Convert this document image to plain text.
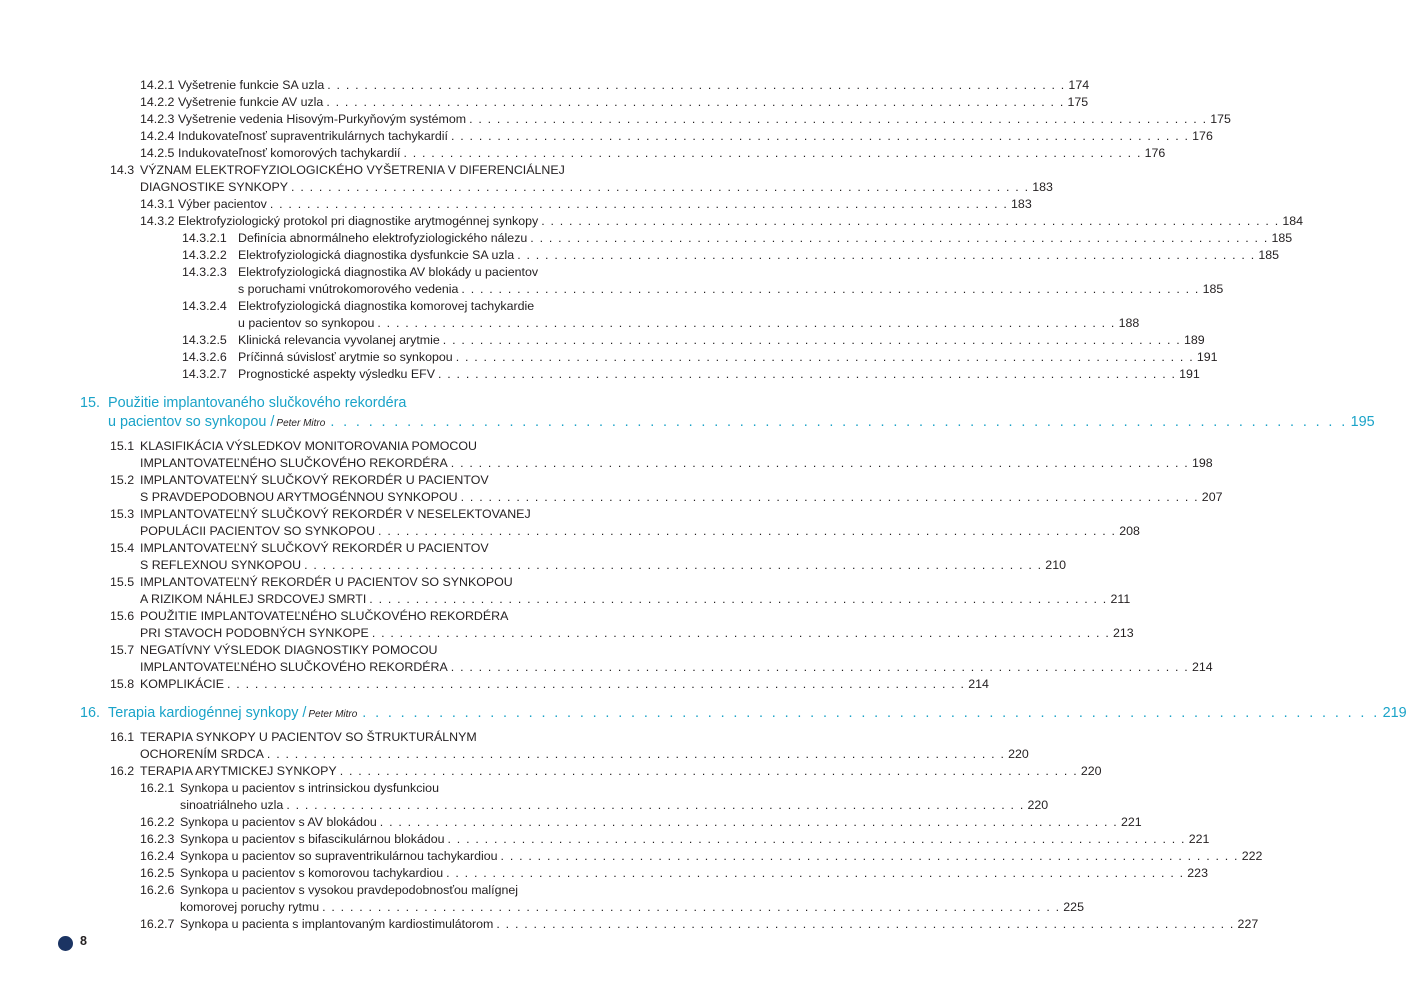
14.2.1 Vyšetrenie funkcie SA uzla . . . . . . . . . . . . . . . . . . . . . . . . . . . . . . . . . . . . . . . . . . . . . . . . . . . . . . . . . . . . . . . . . . . . . . . . . . . . . . . . 174
14.2.2 Vyšetrenie funkcie AV uzla . . . . . . . . . . . . . . . . . . . . . . . . . . . . . . . . . . . . . . . . . . . . . . . . . . . . . . . . . . . . . . . . . . . . . . . . . . . . . . . . 175
14.2.3 Vyšetrenie vedenia Hisovým-Purkyňovým systémom . . . . . . . . . . . . . . . . . . . . . . . . . . . . . . . . . . . . . . . . . . . . . . . . . . . . . . . . . . . . . . . . . . . . . . . . . . . . . . . . 175
14.2.4 Indukovateľnosť supraventrikulárnych tachykardií . . . . . . . . . . . . . . . . . . . . . . . . . . . . . . . . . . . . . . . . . . . . . . . . . . . . . . . . . . . . . . . . . . . . . . . . . . . . . . . . 176
14.2.5 Indukovateľnosť komorových tachykardií . . . . . . . . . . . . . . . . . . . . . . . . . . . . . . . . . . . . . . . . . . . . . . . . . . . . . . . . . . . . . . . . . . . . . . . . . . . . . . . . 176
14.3 VÝZNAM ELEKTROFYZIOLOGICKÉHO VYŠETRENIA V DIFERENCIÁLNEJ
DIAGNOSTIKE SYNKOPY . . . . . . . . . . . . . . . . . . . . . . . . . . . . . . . . . . . . . . . . . . . . . . . . . . . . . . . . . . . . . . . . . . . . . . . . . . . . . . . . 183
14.3.1 Výber pacientov . . . . . . . . . . . . . . . . . . . . . . . . . . . . . . . . . . . . . . . . . . . . . . . . . . . . . . . . . . . . . . . . . . . . . . . . . . . . . . . . 183
14.3.2 Elektrofyziologický protokol pri diagnostike arytmogénnej synkopy . . . . . . . . . . . . . . . . . . . . . . . . . . . . . . . . . . . . . . . . . . . . . . . . . . . . . . . . . . . . . . . . . . . . . . . . . . . . . . . . 184
14.3.2.1 Definícia abnormálneho elektrofyziologického nálezu . . . . . . . . . . . . . . . . . . . . . . . . . . . . . . . . . . . . . . . . . . . . . . . . . . . . . . . . . . . . . . . . . . . . . . . . . . . . . . . . 185
14.3.2.2 Elektrofyziologická diagnostika dysfunkcie SA uzla . . . . . . . . . . . . . . . . . . . . . . . . . . . . . . . . . . . . . . . . . . . . . . . . . . . . . . . . . . . . . . . . . . . . . . . . . . . . . . . . 185
14.3.2.3 Elektrofyziologická diagnostika AV blokády u pacientov
s poruchami vnútrokomorového vedenia . . . . . . . . . . . . . . . . . . . . . . . . . . . . . . . . . . . . . . . . . . . . . . . . . . . . . . . . . . . . . . . . . . . . . . . . . . . . . . . . 185
14.3.2.4 Elektrofyziologická diagnostika komorovej tachykardie
u pacientov so synkopou . . . . . . . . . . . . . . . . . . . . . . . . . . . . . . . . . . . . . . . . . . . . . . . . . . . . . . . . . . . . . . . . . . . . . . . . . . . . . . . . 188
14.3.2.5 Klinická relevancia vyvolanej arytmie . . . . . . . . . . . . . . . . . . . . . . . . . . . . . . . . . . . . . . . . . . . . . . . . . . . . . . . . . . . . . . . . . . . . . . . . . . . . . . . . 189
14.3.2.6 Príčinná súvislosť arytmie so synkopou . . . . . . . . . . . . . . . . . . . . . . . . . . . . . . . . . . . . . . . . . . . . . . . . . . . . . . . . . . . . . . . . . . . . . . . . . . . . . . . . 191
14.3.2.7 Prognostické aspekty výsledku EFV . . . . . . . . . . . . . . . . . . . . . . . . . . . . . . . . . . . . . . . . . . . . . . . . . . . . . . . . . . . . . . . . . . . . . . . . . . . . . . . . 191
15. Použitie implantovaného slučkového rekordéra
u pacientov so synkopou / Peter Mitro . . . . . . . . . . . . . . . . . . . . . . . . . . . . . . . . . . . . . . . . . . . . . . . . . . . . . . . . . . . . . . . . . . . . . . . . . . . . . . . . 195
15.1 KLASIFIKÁCIA VÝSLEDKOV MONITOROVANIA POMOCOU
IMPLANTOVATEĽNÉHO SLUČKOVÉHO REKORDÉRA . . . . . . . . . . . . . . . . . . . . . . . . . . . . . . . . . . . . . . . . . . . . . . . . . . . . . . . . . . . . . . . . . . . . . . . . . . . . . . . . 198
15.2 IMPLANTOVATEĽNÝ SLUČKOVÝ REKORDÉR U PACIENTOV
S PRAVDEPODOBNOU ARYTMOGÉNNOU SYNKOPOU . . . . . . . . . . . . . . . . . . . . . . . . . . . . . . . . . . . . . . . . . . . . . . . . . . . . . . . . . . . . . . . . . . . . . . . . . . . . . . . . 207
15.3 IMPLANTOVATEĽNÝ SLUČKOVÝ REKORDÉR V NESELEKTOVANEJ
POPULÁCII PACIENTOV SO SYNKOPOU . . . . . . . . . . . . . . . . . . . . . . . . . . . . . . . . . . . . . . . . . . . . . . . . . . . . . . . . . . . . . . . . . . . . . . . . . . . . . . . . 208
15.4 IMPLANTOVATEĽNÝ SLUČKOVÝ REKORDÉR U PACIENTOV
S REFLEXNOU SYNKOPOU . . . . . . . . . . . . . . . . . . . . . . . . . . . . . . . . . . . . . . . . . . . . . . . . . . . . . . . . . . . . . . . . . . . . . . . . . . . . . . . . 210
15.5 IMPLANTOVATEĽNÝ REKORDÉR U PACIENTOV SO SYNKOPOU
A RIZIKOM NÁHLEJ SRDCOVEJ SMRTI . . . . . . . . . . . . . . . . . . . . . . . . . . . . . . . . . . . . . . . . . . . . . . . . . . . . . . . . . . . . . . . . . . . . . . . . . . . . . . . . 211
15.6 POUŽITIE IMPLANTOVATEĽNÉHO SLUČKOVÉHO REKORDÉRA
PRI STAVOCH PODOBNÝCH SYNKOPE . . . . . . . . . . . . . . . . . . . . . . . . . . . . . . . . . . . . . . . . . . . . . . . . . . . . . . . . . . . . . . . . . . . . . . . . . . . . . . . . 213
15.7 NEGATÍVNY VÝSLEDOK DIAGNOSTIKY POMOCOU
IMPLANTOVATEĽNÉHO SLUČKOVÉHO REKORDÉRA . . . . . . . . . . . . . . . . . . . . . . . . . . . . . . . . . . . . . . . . . . . . . . . . . . . . . . . . . . . . . . . . . . . . . . . . . . . . . . . . 214
15.8 KOMPLIKÁCIE . . . . . . . . . . . . . . . . . . . . . . . . . . . . . . . . . . . . . . . . . . . . . . . . . . . . . . . . . . . . . . . . . . . . . . . . . . . . . . . . 214
16. Terapia kardiogénnej synkopy / Peter Mitro . . . . . . . . . . . . . . . . . . . . . . . . . . . . . . . . . . . . . . . . . . . . . . . . . . . . . . . . . . . . . . . . . . . . . . . . . . . . . . . . 219
16.1 TERAPIA SYNKOPY U PACIENTOV SO ŠTRUKTURÁLNYM
OCHORENÍM SRDCA . . . . . . . . . . . . . . . . . . . . . . . . . . . . . . . . . . . . . . . . . . . . . . . . . . . . . . . . . . . . . . . . . . . . . . . . . . . . . . . . 220
16.2 TERAPIA ARYTMICKEJ SYNKOPY . . . . . . . . . . . . . . . . . . . . . . . . . . . . . . . . . . . . . . . . . . . . . . . . . . . . . . . . . . . . . . . . . . . . . . . . . . . . . . . . 220
16.2.1 Synkopa u pacientov s intrinsickou dysfunkciou
sinoatriálneho uzla . . . . . . . . . . . . . . . . . . . . . . . . . . . . . . . . . . . . . . . . . . . . . . . . . . . . . . . . . . . . . . . . . . . . . . . . . . . . . . . . 220
16.2.2 Synkopa u pacientov s AV blokádou . . . . . . . . . . . . . . . . . . . . . . . . . . . . . . . . . . . . . . . . . . . . . . . . . . . . . . . . . . . . . . . . . . . . . . . . . . . . . . . . 221
16.2.3 Synkopa u pacientov s bifascikulárnou blokádou . . . . . . . . . . . . . . . . . . . . . . . . . . . . . . . . . . . . . . . . . . . . . . . . . . . . . . . . . . . . . . . . . . . . . . . . . . . . . . . . 221
16.2.4 Synkopa u pacientov so supraventrikulárnou tachykardiou . . . . . . . . . . . . . . . . . . . . . . . . . . . . . . . . . . . . . . . . . . . . . . . . . . . . . . . . . . . . . . . . . . . . . . . . . . . . . . . . 222
16.2.5 Synkopa u pacientov s komorovou tachykardiou . . . . . . . . . . . . . . . . . . . . . . . . . . . . . . . . . . . . . . . . . . . . . . . . . . . . . . . . . . . . . . . . . . . . . . . . . . . . . . . . 223
16.2.6 Synkopa u pacientov s vysokou pravdepodobnosťou malígnej
komorovej poruchy rytmu . . . . . . . . . . . . . . . . . . . . . . . . . . . . . . . . . . . . . . . . . . . . . . . . . . . . . . . . . . . . . . . . . . . . . . . . . . . . . . . . 225
16.2.7 Synkopa u pacienta s implantovaným kardiostimulátorom . . . . . . . . . . . . . . . . . . . . . . . . . . . . . . . . . . . . . . . . . . . . . . . . . . . . . . . . . . . . . . . . . . . . . . . . . . . . . . . . 227
8
